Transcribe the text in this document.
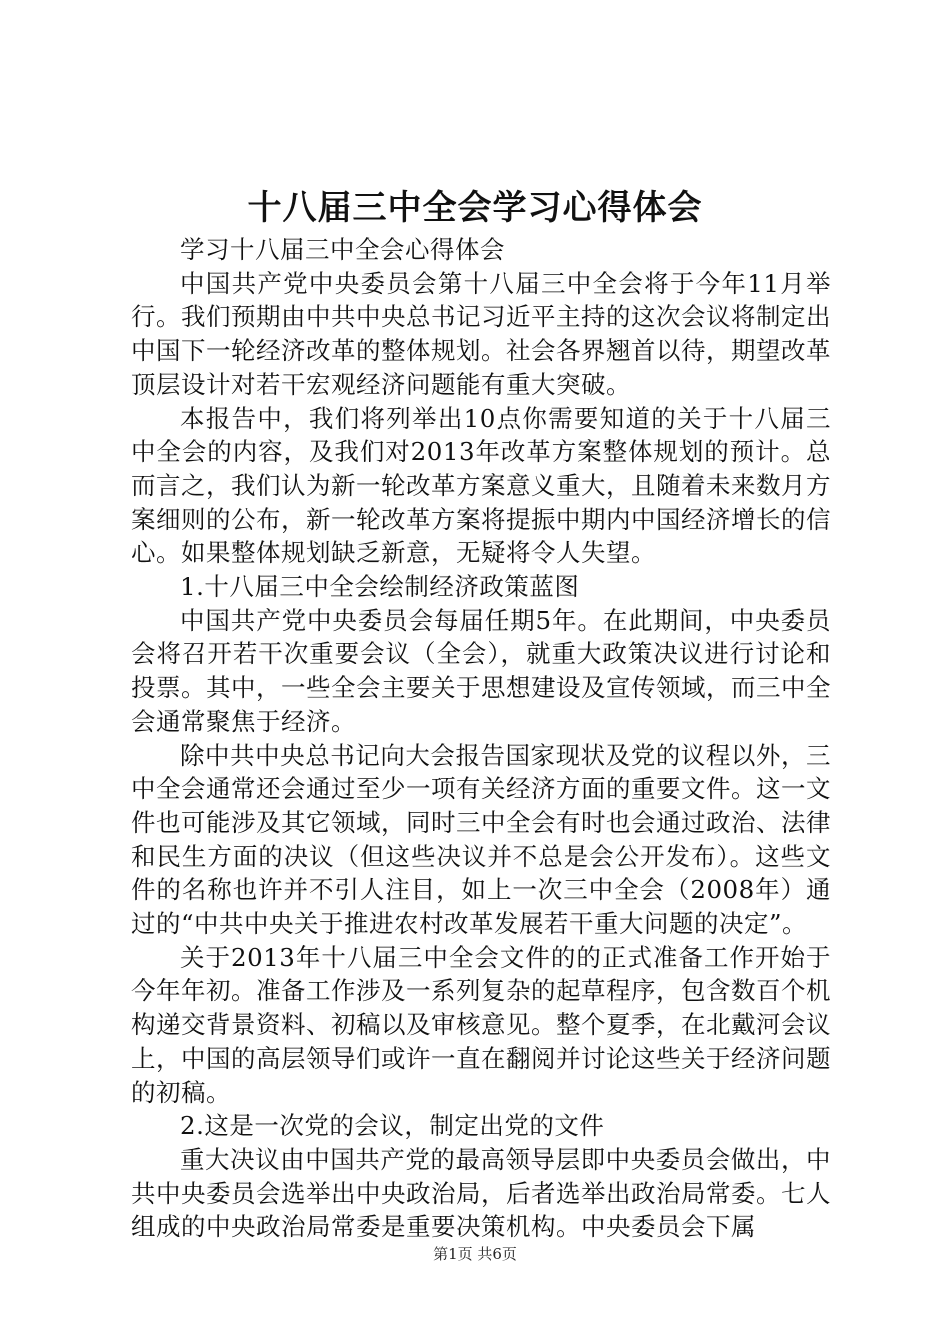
十八届三中全会学习心得体会

学习十八届三中全会心得体会

中国共产党中央委员会第十八届三中全会将于今年11月举行。我们预期由中共中央总书记习近平主持的这次会议将制定出中国下一轮经济改革的整体规划。社会各界翘首以待，期望改革顶层设计对若干宏观经济问题能有重大突破。

本报告中，我们将列举出10点你需要知道的关于十八届三中全会的内容，及我们对2013年改革方案整体规划的预计。总而言之，我们认为新一轮改革方案意义重大，且随着未来数月方案细则的公布，新一轮改革方案将提振中期内中国经济增长的信心。如果整体规划缺乏新意，无疑将令人失望。

1.十八届三中全会绘制经济政策蓝图

中国共产党中央委员会每届任期5年。在此期间，中央委员会将召开若干次重要会议（全会），就重大政策决议进行讨论和投票。其中，一些全会主要关于思想建设及宣传领域，而三中全会通常聚焦于经济。

除中共中央总书记向大会报告国家现状及党的议程以外，三中全会通常还会通过至少一项有关经济方面的重要文件。这一文件也可能涉及其它领域，同时三中全会有时也会通过政治、法律和民生方面的决议（但这些决议并不总是会公开发布）。这些文件的名称也许并不引人注目，如上一次三中全会（2008年）通过的“中共中央关于推进农村改革发展若干重大问题的决定”。

关于2013年十八届三中全会文件的的正式准备工作开始于今年年初。准备工作涉及一系列复杂的起草程序，包含数百个机构递交背景资料、初稿以及审核意见。整个夏季，在北戴河会议上，中国的高层领导们或许一直在翻阅并讨论这些关于经济问题的初稿。

2.这是一次党的会议，制定出党的文件

重大决议由中国共产党的最高领导层即中央委员会做出，中共中央委员会选举出中央政治局，后者选举出政治局常委。七人组成的中央政治局常委是重要决策机构。中央委员会下属

第1页 共6页
